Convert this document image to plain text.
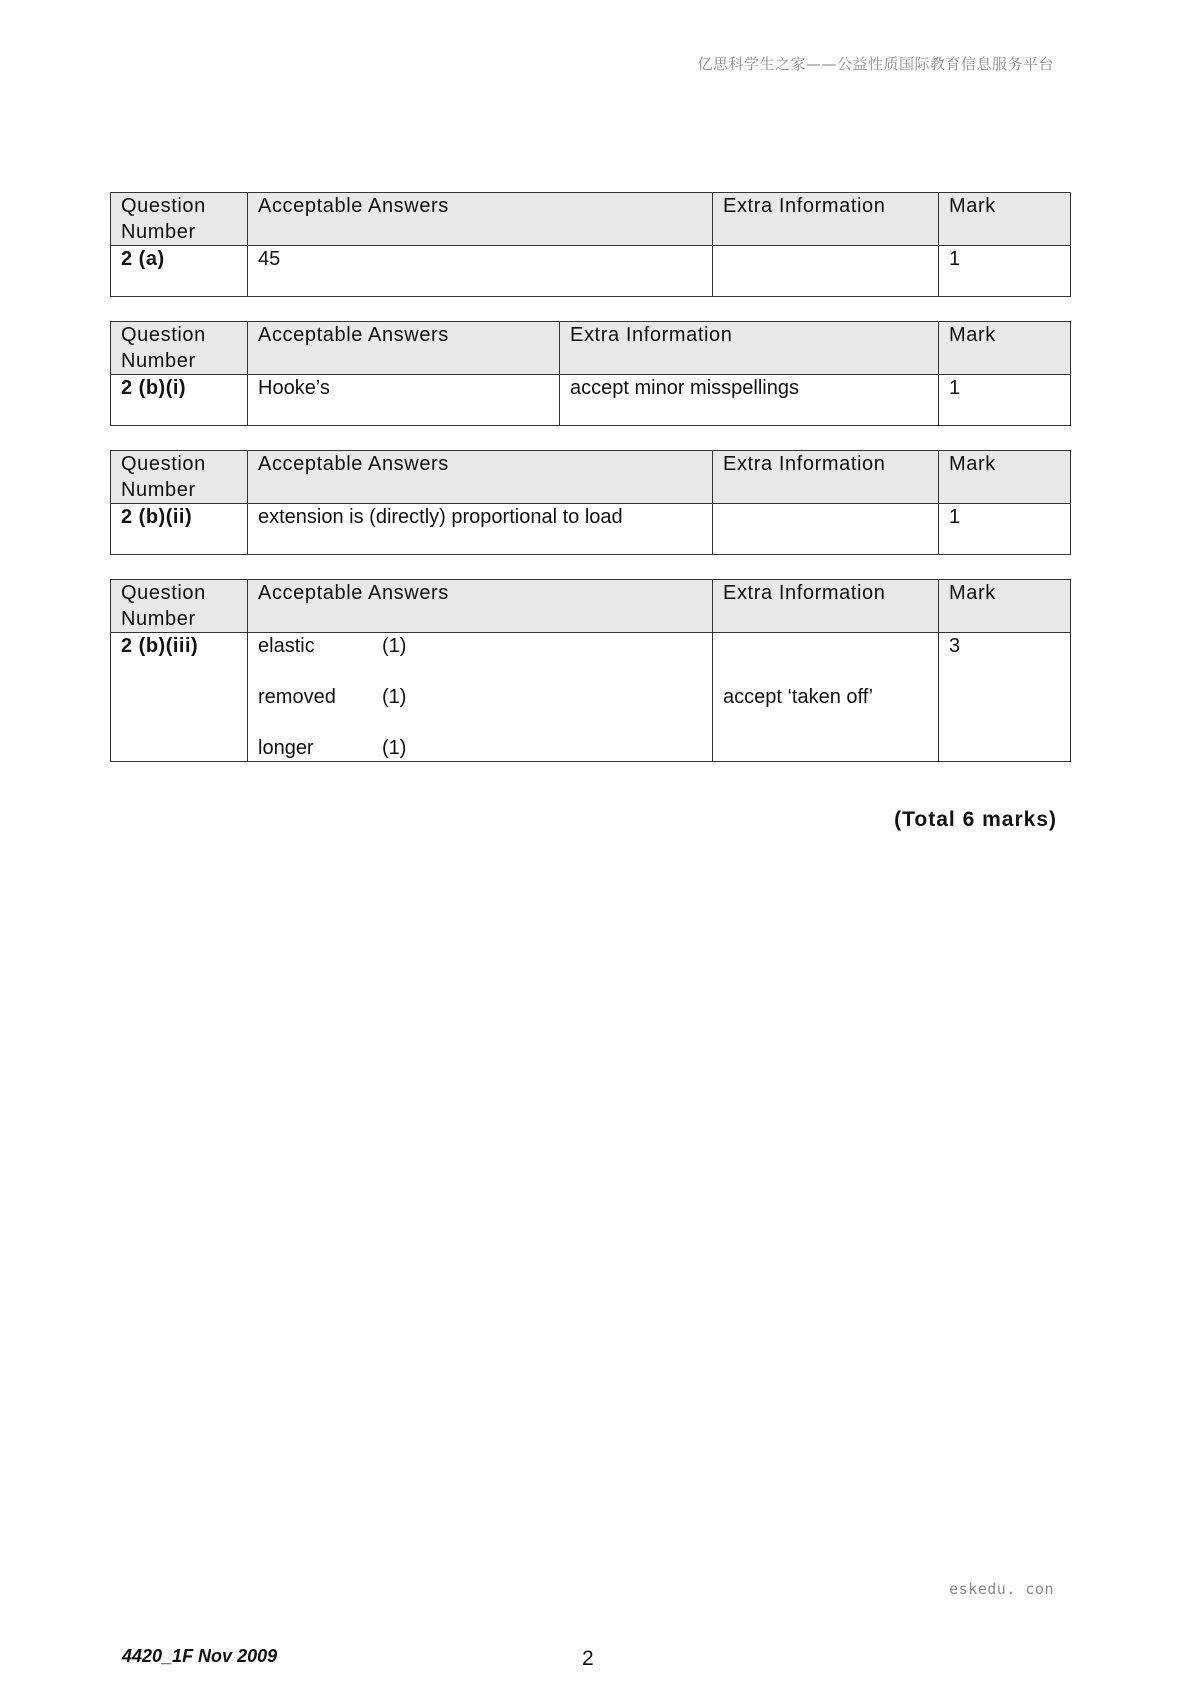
亿思科学生之家——公益性质国际教育信息服务平台
Question Number	Acceptable Answers	Extra Information	Mark
2 (a)	45		1
Question Number	Acceptable Answers	Extra Information	Mark
2 (b)(i)	Hooke’s	accept minor misspellings	1
Question Number	Acceptable Answers	Extra Information	Mark
2 (b)(ii)	extension is (directly) proportional to load		1
Question Number	Acceptable Answers	Extra Information	Mark
2 (b)(iii)	elastic (1)
removed (1)
longer (1)	accept ‘taken off’	3
(Total 6 marks)
eskedu. con
4420_1F Nov 2009	2
